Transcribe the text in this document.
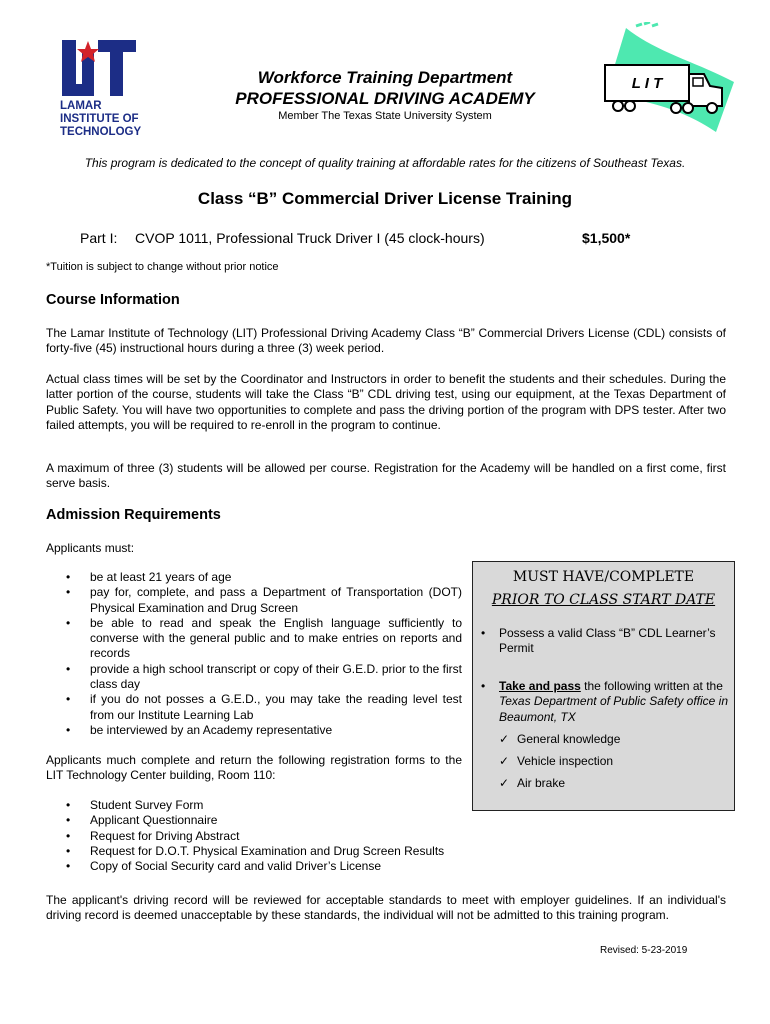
LAMAR
INSTITUTE OF
TECHNOLOGY
L I T
Workforce Training Department
PROFESSIONAL DRIVING ACADEMY
Member The Texas State University System
This program is dedicated to the concept of quality training at affordable rates for the citizens of Southeast Texas.
Class “B” Commercial Driver License Training
Part I: CVOP 1011, Professional Truck Driver I (45 clock-hours)	$1,500*
*Tuition is subject to change without prior notice
Course Information
The Lamar Institute of Technology (LIT) Professional Driving Academy Class “B” Commercial Drivers License (CDL) consists of forty-five (45) instructional hours during a three (3) week period.
Actual class times will be set by the Coordinator and Instructors in order to benefit the students and their schedules. During the latter portion of the course, students will take the Class “B” CDL driving test, using our equipment, at the Texas Department of Public Safety. You will have two opportunities to complete and pass the driving portion of the program with DPS tester. After two failed attempts, you will be required to re-enroll in the program to continue.
A maximum of three (3) students will be allowed per course. Registration for the Academy will be handled on a first come, first serve basis.
Admission Requirements
Applicants must:
• be at least 21 years of age
• pay for, complete, and pass a Department of Transportation (DOT) Physical Examination and Drug Screen
• be able to read and speak the English language sufficiently to converse with the general public and to make entries on reports and records
• provide a high school transcript or copy of their G.E.D. prior to the first class day
• if you do not posses a G.E.D., you may take the reading level test from our Institute Learning Lab
• be interviewed by an Academy representative
Applicants much complete and return the following registration forms to the LIT Technology Center building, Room 110:
• Student Survey Form
• Applicant Questionnaire
• Request for Driving Abstract
• Request for D.O.T. Physical Examination and Drug Screen Results
• Copy of Social Security card and valid Driver’s License
MUST HAVE/COMPLETE
PRIOR TO CLASS START DATE
•	Possess a valid Class “B” CDL Learner’s Permit
•	Take and pass the following written at the Texas Department of Public Safety office in Beaumont, TX
✓ General knowledge
✓ Vehicle inspection
✓ Air brake
The applicant's driving record will be reviewed for acceptable standards to meet with employer guidelines. If an individual's driving record is deemed unacceptable by these standards, the individual will not be admitted to this training program.
Revised: 5-23-2019
